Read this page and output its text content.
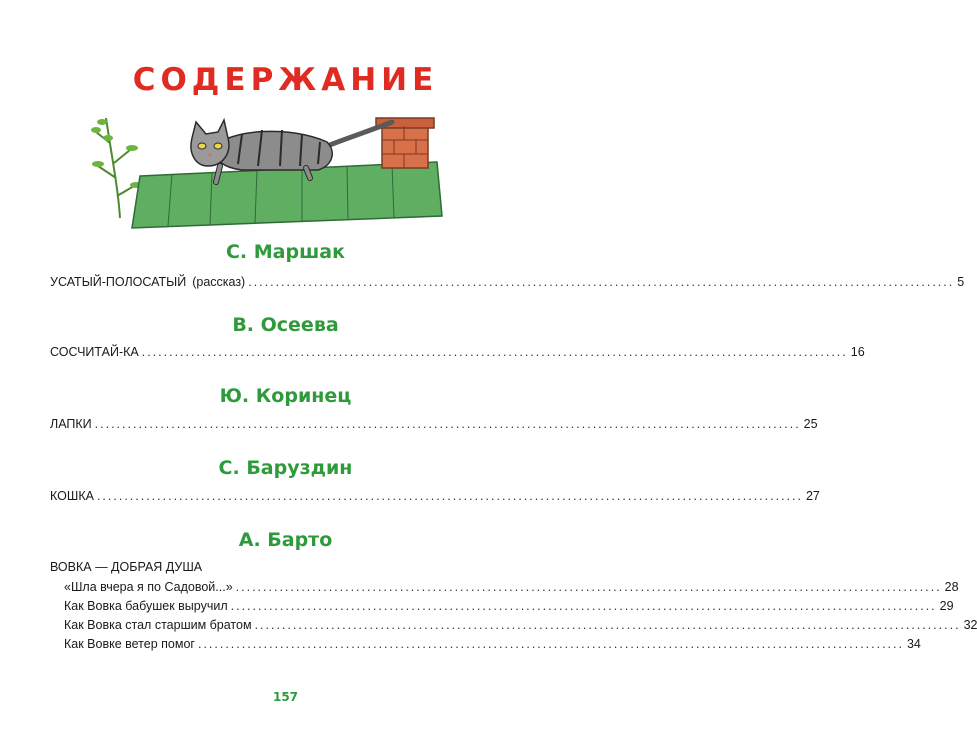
СОДЕРЖАНИЕ
С. Маршак
УСАТЫЙ-ПОЛОСАТЫЙ (рассказ) ................................................................................................................................. 5
В. Осеева
СОСЧИТАЙ-КА ................................................................................................................................. 16
Ю. Коринец
ЛАПКИ ................................................................................................................................. 25
С. Баруздин
КОШКА ................................................................................................................................. 27
А. Барто
ВОВКА — ДОБРАЯ ДУША
«Шла вчера я по Садовой...» ................................................................................................................................. 28
Как Вовка бабушек выручил ................................................................................................................................. 29
Как Вовка стал старшим братом ................................................................................................................................. 32
Как Вовке ветер помог ................................................................................................................................. 34
157
